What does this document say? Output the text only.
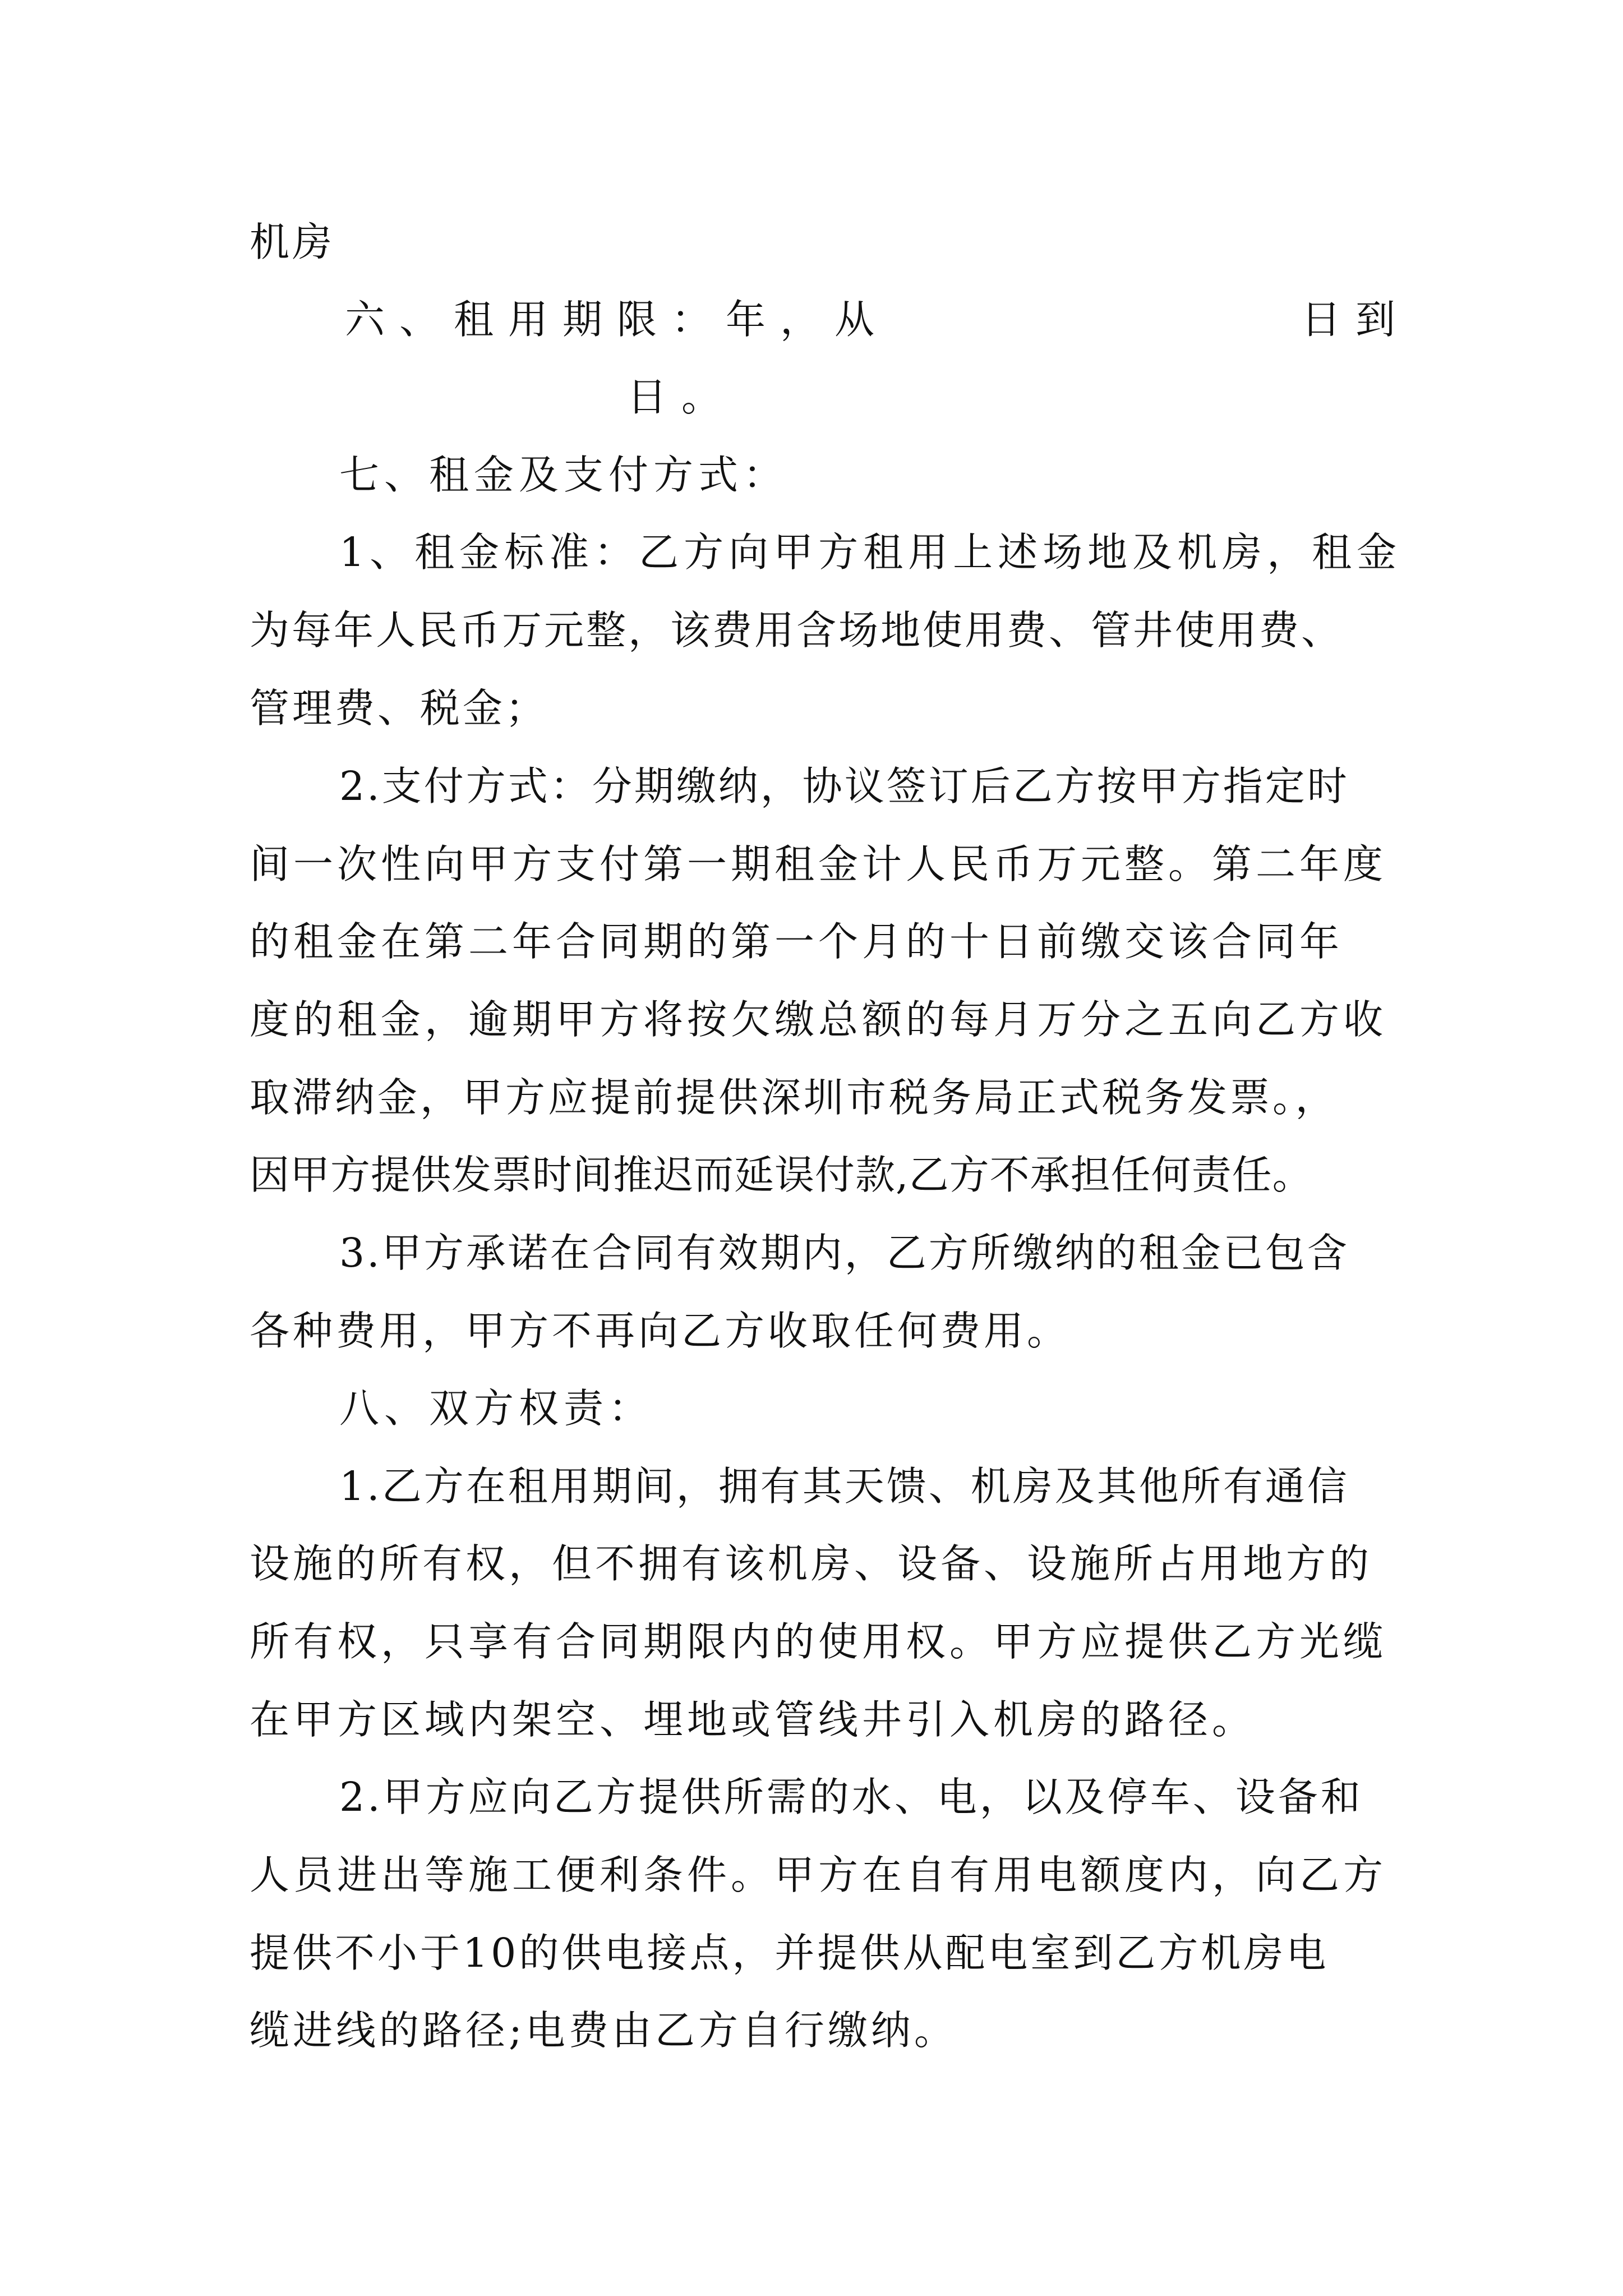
机房
六、租用期限：年，从	日到
日。
七、租金及支付方式：
1、租金标准：乙方向甲方租用上述场地及机房，租金
为每年人民币万元整，该费用含场地使用费、管井使用费、
管理费、税金；
2.支付方式：分期缴纳，协议签订后乙方按甲方指定时
间一次性向甲方支付第一期租金计人民币万元整。第二年度
的租金在第二年合同期的第一个月的十日前缴交该合同年
度的租金，逾期甲方将按欠缴总额的每月万分之五向乙方收
取滞纳金，甲方应提前提供深圳市税务局正式税务发票。，
因甲方提供发票时间推迟而延误付款,乙方不承担任何责任。
3.甲方承诺在合同有效期内，乙方所缴纳的租金已包含
各种费用，甲方不再向乙方收取任何费用。
八、双方权责：
1.乙方在租用期间，拥有其天馈、机房及其他所有通信
设施的所有权，但不拥有该机房、设备、设施所占用地方的
所有权，只享有合同期限内的使用权。甲方应提供乙方光缆
在甲方区域内架空、埋地或管线井引入机房的路径。
2.甲方应向乙方提供所需的水、电，以及停车、设备和
人员进出等施工便利条件。甲方在自有用电额度内，向乙方
提供不小于10的供电接点，并提供从配电室到乙方机房电
缆进线的路径;电费由乙方自行缴纳。
